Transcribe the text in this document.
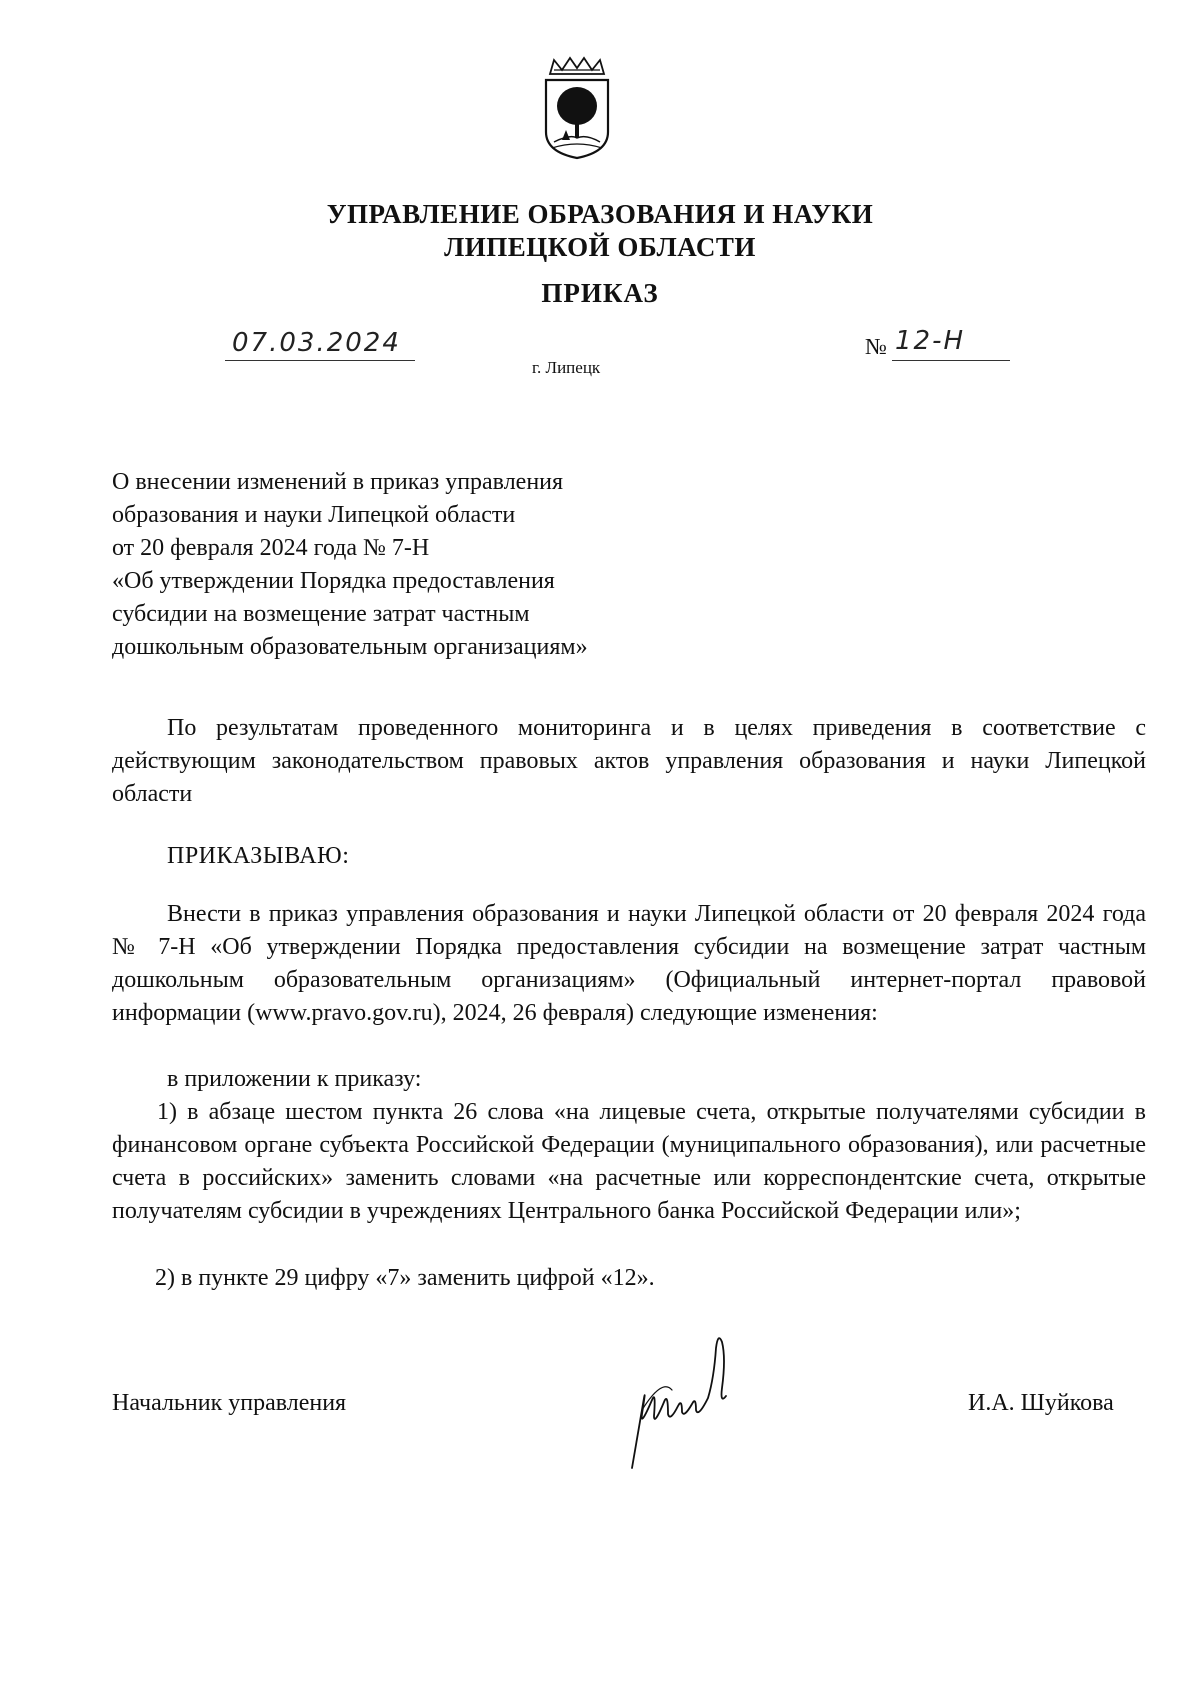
УПРАВЛЕНИЕ ОБРАЗОВАНИЯ И НАУКИ
ЛИПЕЦКОЙ ОБЛАСТИ
ПРИКАЗ
07.03.2024	№ 12-Н
г. Липецк
О внесении изменений в приказ управления
образования и науки Липецкой области
от 20 февраля 2024 года № 7-Н
«Об утверждении Порядка предоставления
субсидии на возмещение затрат частным
дошкольным образовательным организациям»
По результатам проведенного мониторинга и в целях приведения в соответствие с действующим законодательством правовых актов управления образования и науки Липецкой области
ПРИКАЗЫВАЮ:
Внести в приказ управления образования и науки Липецкой области от 20 февраля 2024 года № 7-Н «Об утверждении Порядка предоставления субсидии на возмещение затрат частным дошкольным образовательным организациям» (Официальный интернет-портал правовой информации (www.pravo.gov.ru), 2024, 26 февраля) следующие изменения:
в приложении к приказу:
1) в абзаце шестом пункта 26 слова «на лицевые счета, открытые получателями субсидии в финансовом органе субъекта Российской Федерации (муниципального образования), или расчетные счета в российских» заменить словами «на расчетные или корреспондентские счета, открытые получателям субсидии в учреждениях Центрального банка Российской Федерации или»;
2) в пункте 29 цифру «7» заменить цифрой «12».
Начальник управления	И.А. Шуйкова
